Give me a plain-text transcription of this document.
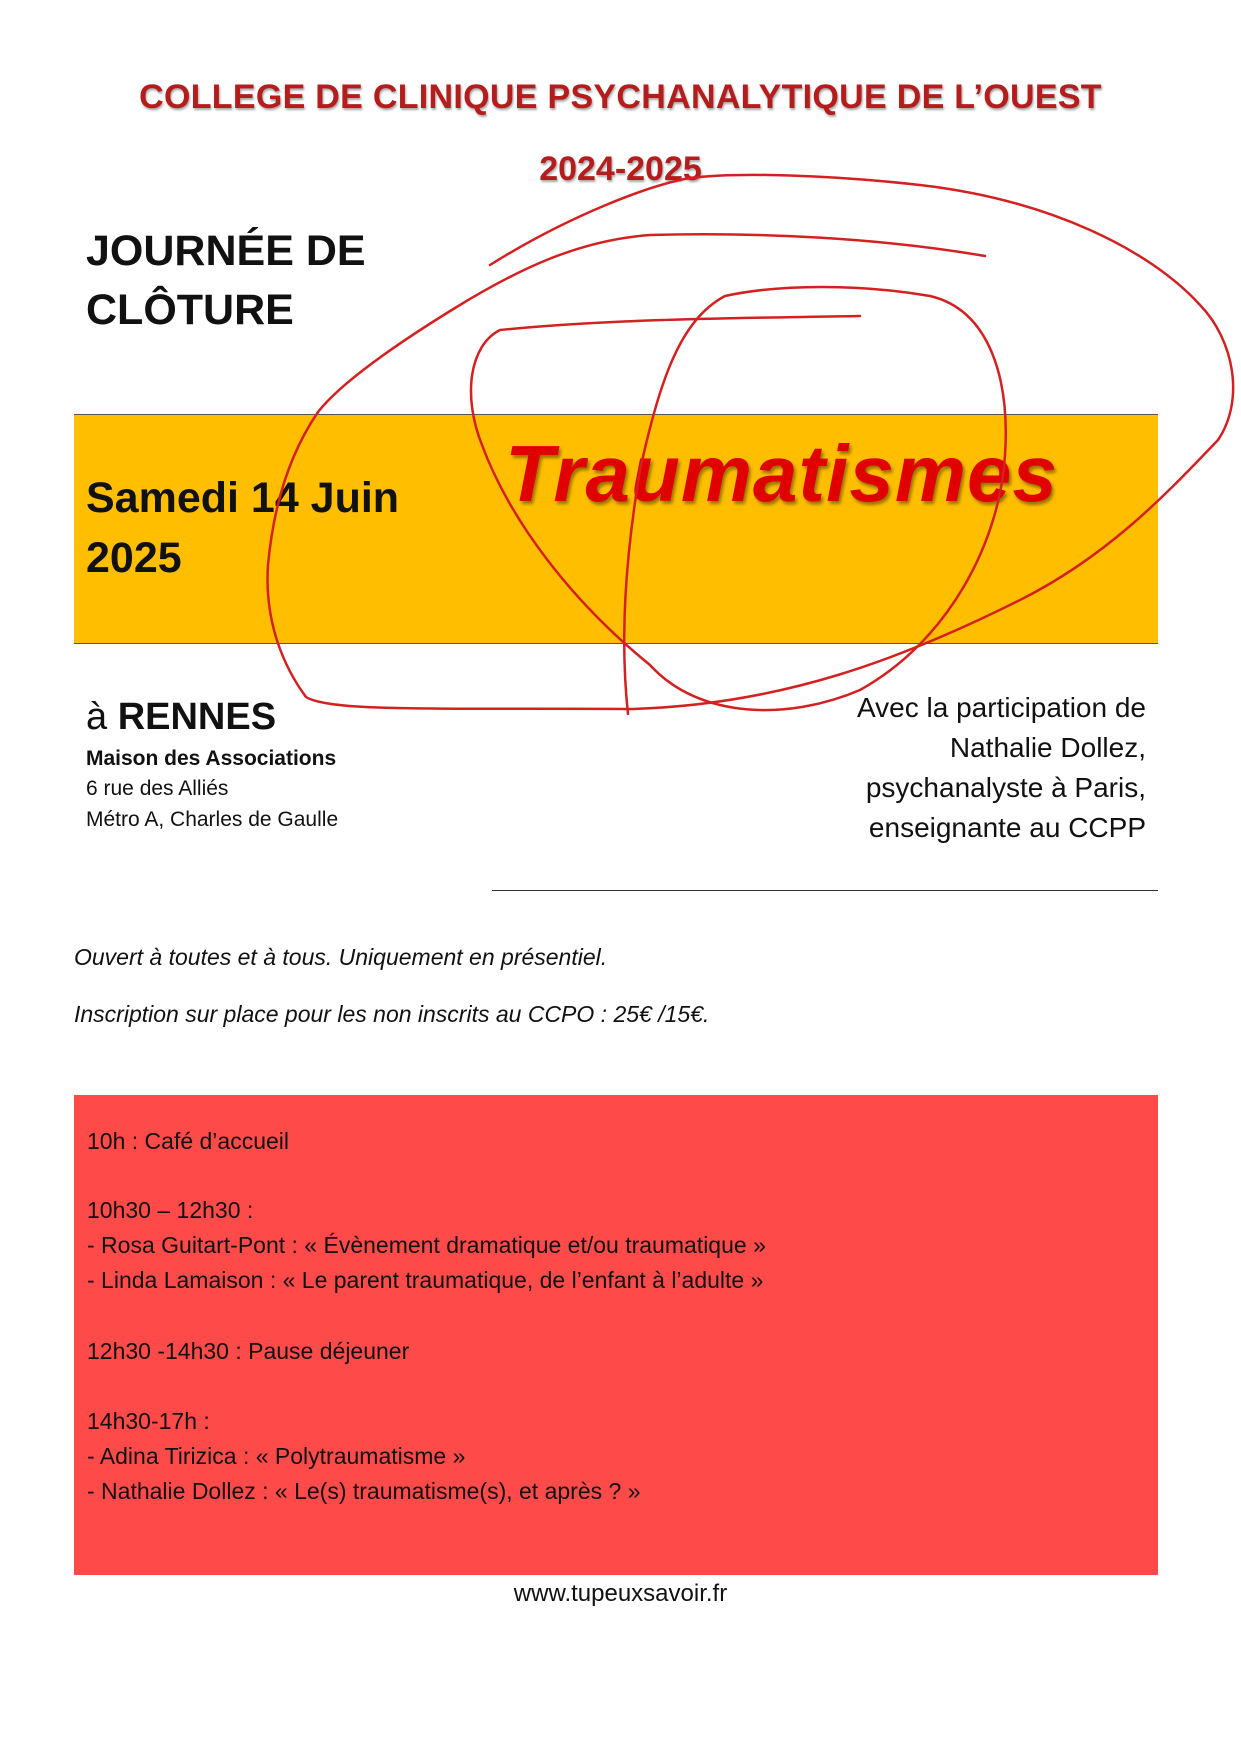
COLLEGE DE CLINIQUE PSYCHANALYTIQUE DE L’OUEST
2024-2025
JOURNÉE DE
CLÔTURE
Samedi 14 Juin
2025
Traumatismes
à RENNES
Maison des Associations
6 rue des Alliés
Métro A, Charles de Gaulle
Avec la participation de
Nathalie Dollez,
psychanalyste à Paris,
enseignante au CCPP
Ouvert à toutes et à tous. Uniquement en présentiel.
Inscription sur place pour les non inscrits au CCPO : 25€ /15€.
10h : Café d’accueil
10h30 – 12h30 :
- Rosa Guitart-Pont : « Évènement dramatique et/ou traumatique »
- Linda Lamaison : « Le parent traumatique, de l’enfant à l’adulte »
12h30 -14h30 : Pause déjeuner
14h30-17h :
- Adina Tirizica : « Polytraumatisme »
- Nathalie Dollez : « Le(s) traumatisme(s), et après ? »
www.tupeuxsavoir.fr
